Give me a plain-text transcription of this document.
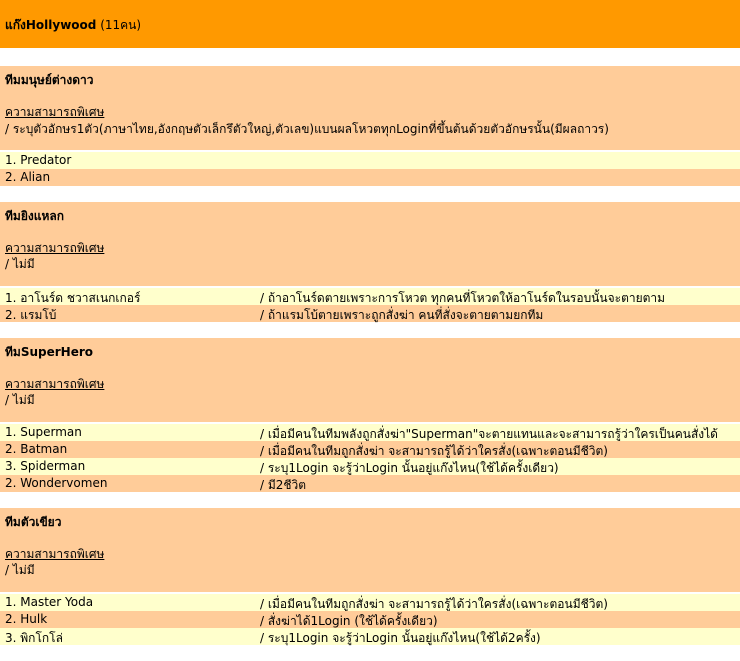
แก๊งHollywood (11คน)
ทีมมนุษย์ต่างดาว
ความสามารถพิเศษ
/ ระบุตัวอักษร1ตัว(ภาษาไทย,อังกฤษตัวเล็กรึตัวใหญ่,ตัวเลข)แบนผลโหวตทุกLoginที่ขึ้นต้นด้วยตัวอักษรนั้น(มีผลถาวร)
1. Predator
2. Alian
ทีมยิงแหลก
ความสามารถพิเศษ
/ ไม่มี
1. อาโนร์ด ชวาสเนกเกอร์	/ ถ้าอาโนร์ดตายเพราะการโหวต ทุกคนที่โหวตให้อาโนร์ดในรอบนั้นจะตายตาม
2. แรมโบ้	/ ถ้าแรมโบ้ตายเพราะถูกสั่งฆ่า คนที่สั่งจะตายตามยกทีม
ทีมSuperHero
ความสามารถพิเศษ
/ ไม่มี
1. Superman	/ เมื่อมีคนในทีมพลังถูกสั่งฆ่า"Superman"จะตายแทนและจะสามารถรู้ว่าใครเป็นคนสั่งได้
2. Batman	/ เมื่อมีคนในทีมถูกสั่งฆ่า จะสามารถรู้ได้ว่าใครสั่ง(เฉพาะตอนมีชีวิต)
3. Spiderman	/ ระบุ1Login จะรู้ว่าLogin นั้นอยู่แก๊งไหน(ใช้ได้ครั้งเดียว)
2. Wondervomen	/ มี2ชีวิต
ทีมตัวเขียว
ความสามารถพิเศษ
/ ไม่มี
1. Master Yoda	/ เมื่อมีคนในทีมถูกสั่งฆ่า จะสามารถรู้ได้ว่าใครสั่ง(เฉพาะตอนมีชีวิต)
2. Hulk	/ สั่งฆ่าได้1Login (ใช้ได้ครั้งเดียว)
3. พิกโกโล่	/ ระบุ1Login จะรู้ว่าLogin นั้นอยู่แก๊งไหน(ใช้ได้2ครั้ง)
